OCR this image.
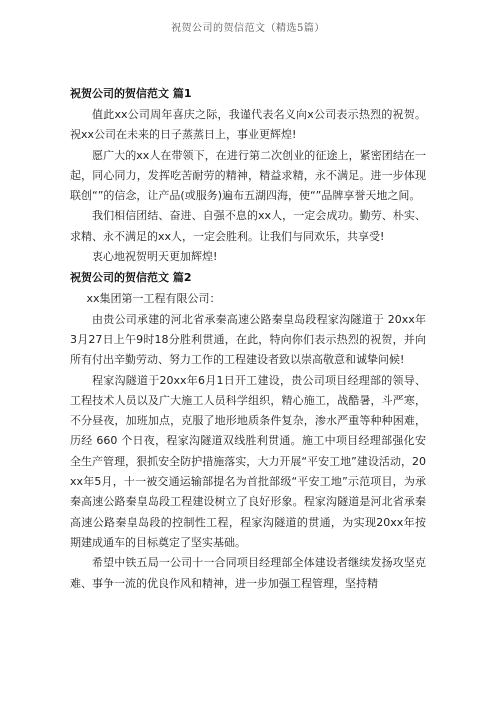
祝贺公司的贺信范文（精选5篇）
祝贺公司的贺信范文 篇1
值此xx公司周年喜庆之际，我谨代表名义向x公司表示热烈的祝贺。祝xx公司在未来的日子蒸蒸日上，事业更辉煌!
愿广大的xx人在带领下，在进行第二次创业的征途上，紧密团结在一起，同心同力，发挥吃苦耐劳的精神，精益求精，永不满足。进一步体现联创“”的信念，让产品(或服务)遍布五湖四海，使“”品牌享誉天地之间。
我们相信团结、奋进、自强不息的xx人，一定会成功。勤劳、朴实、求精、永不满足的xx人，一定会胜利。让我们与同欢乐，共享受!
衷心地祝贺明天更加辉煌!
祝贺公司的贺信范文 篇2
xx集团第一工程有限公司：
由贵公司承建的河北省承秦高速公路秦皇岛段程家沟隧道于 20xx年3月27日上午9时18分胜利贯通，在此，特向你们表示热烈的祝贺，并向所有付出辛勤劳动、努力工作的工程建设者致以崇高敬意和诚挚问候!
程家沟隧道于20xx年6月1日开工建设，贵公司项目经理部的领导、工程技术人员以及广大施工人员科学组织，精心施工，战酷暑，斗严寒，不分昼夜，加班加点，克服了地形地质条件复杂，渗水严重等种种困难，历经 660 个日夜，程家沟隧道双线胜利贯通。施工中项目经理部强化安全生产管理，狠抓安全防护措施落实，大力开展“平安工地”建设活动，20xx年5月，十一被交通运输部提名为首批部级“平安工地”示范项目，为承秦高速公路秦皇岛段工程建设树立了良好形象。程家沟隧道是河北省承秦高速公路秦皇岛段的控制性工程，程家沟隧道的贯通，为实现20xx年按期建成通车的目标奠定了坚实基础。
希望中铁五局一公司十一合同项目经理部全体建设者继续发扬攻坚克难、事争一流的优良作风和精神，进一步加强工程管理，坚持精
